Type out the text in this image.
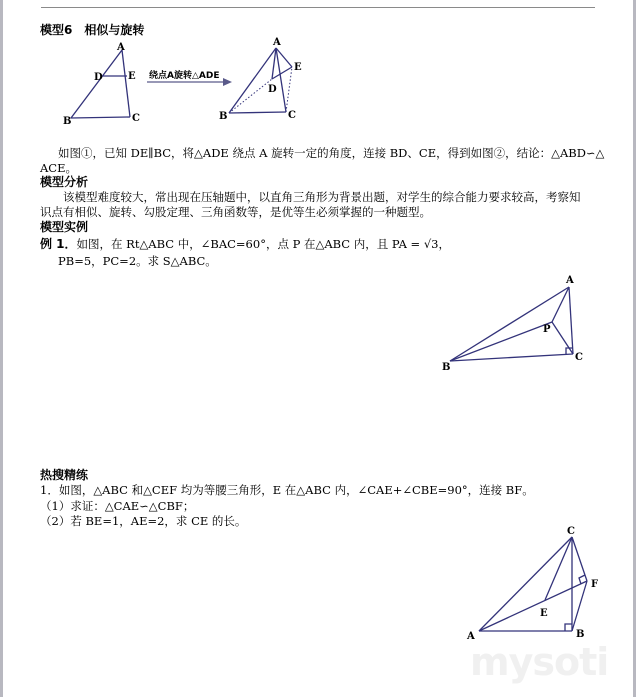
模型6　相似与旋转
A
D	E
B	C
绕点A旋转△ADE
A
E
D
B	C
如图①，已知 DE∥BC，将△ADE 绕点 A 旋转一定的角度，连接 BD、CE，得到如图②，结论：△ABD∽△
ACE。
模型分析
该模型难度较大，常出现在压轴题中，以直角三角形为背景出题，对学生的综合能力要求较高，考察知
识点有相似、旋转、勾股定理、三角函数等，是优等生必须掌握的一种题型。
模型实例
例 1．如图，在 Rt△ABC 中，∠BAC=60°，点 P 在△ABC 内，且 PA = √3，
PB=5，PC=2。求 S△ABC。
A
P
C
B
热搜精练
1．如图，△ABC 和△CEF 均为等腰三角形，E 在△ABC 内，∠CAE+∠CBE=90°，连接 BF。
（1）求证：△CAE∽△CBF；
（2）若 BE=1，AE=2，求 CE 的长。
C
F
E
A	B
mysoti
